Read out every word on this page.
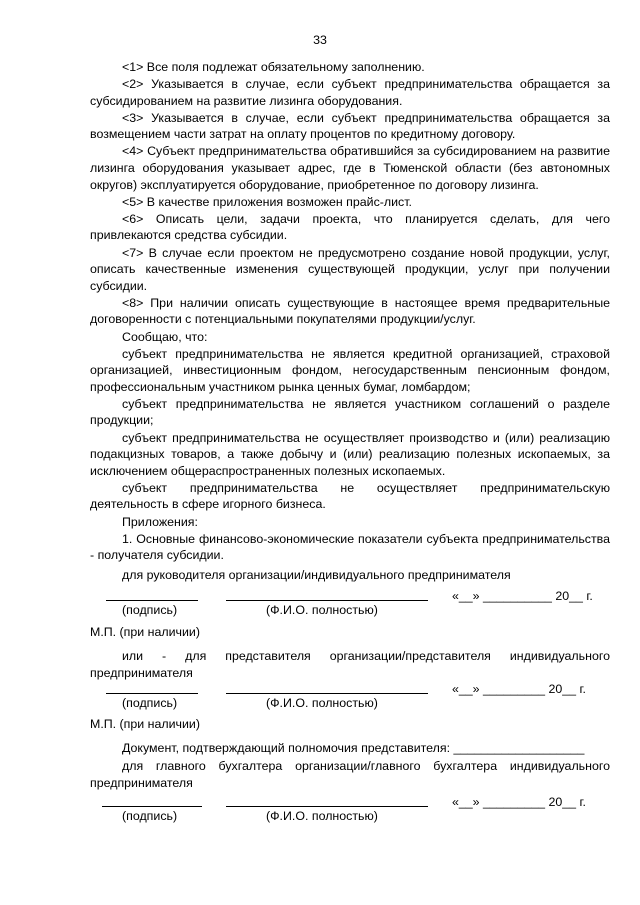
33

<1> Все поля подлежат обязательному заполнению.

<2> Указывается в случае, если субъект предпринимательства обращается за субсидированием на развитие лизинга оборудования.

<3> Указывается в случае, если субъект предпринимательства обращается за возмещением части затрат на оплату процентов по кредитному договору.

<4> Субъект предпринимательства обратившийся за субсидированием на развитие лизинга оборудования указывает адрес, где в Тюменской области (без автономных округов) эксплуатируется оборудование, приобретенное по договору лизинга.

<5> В качестве приложения возможен прайс-лист.

<6> Описать цели, задачи проекта, что планируется сделать, для чего привлекаются средства субсидии.

<7> В случае если проектом не предусмотрено создание новой продукции, услуг, описать качественные изменения существующей продукции, услуг при получении субсидии.

<8> При наличии описать существующие в настоящее время предварительные договоренности с потенциальными покупателями продукции/услуг.

Сообщаю, что:

субъект предпринимательства не является кредитной организацией, страховой организацией, инвестиционным фондом, негосударственным пенсионным фондом, профессиональным участником рынка ценных бумаг, ломбардом;

субъект предпринимательства не является участником соглашений о разделе продукции;

субъект предпринимательства не осуществляет производство и (или) реализацию подакцизных товаров, а также добычу и (или) реализацию полезных ископаемых, за исключением общераспространенных полезных ископаемых.

субъект предпринимательства не осуществляет предпринимательскую деятельность в сфере игорного бизнеса.

Приложения:

1. Основные финансово-экономические показатели субъекта предпринимательства - получателя субсидии.

для руководителя организации/индивидуального предпринимателя
«__» __________ 20__ г.
(подпись)	(Ф.И.О. полностью)
М.П. (при наличии)
или - для представителя организации/представителя индивидуального предпринимателя
«__» _________ 20__ г.
(подпись)	(Ф.И.О. полностью)
М.П. (при наличии)
Документ, подтверждающий полномочия представителя: ___________________
для главного бухгалтера организации/главного бухгалтера индивидуального предпринимателя
«__» _________ 20__ г.
(подпись)	(Ф.И.О. полностью)
